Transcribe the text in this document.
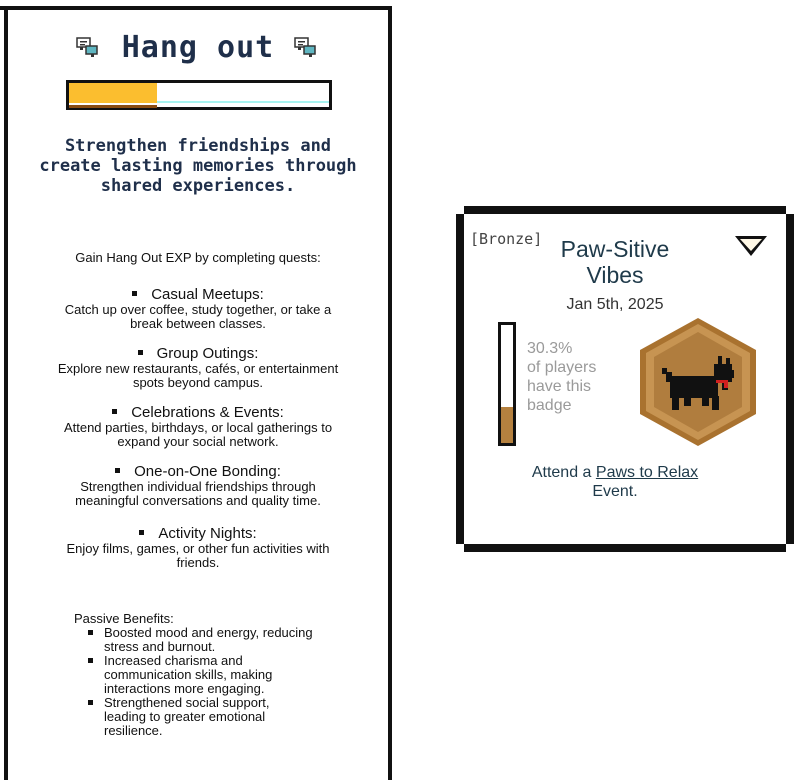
Hang out
Strengthen friendships and create lasting memories through shared experiences.
Gain Hang Out EXP by completing quests:
Casual Meetups:
Catch up over coffee, study together, or take a break between classes.
Group Outings:
Explore new restaurants, cafés, or entertainment spots beyond campus.
Celebrations & Events:
Attend parties, birthdays, or local gatherings to expand your social network.
One-on-One Bonding:
Strengthen individual friendships through meaningful conversations and quality time.
Activity Nights:
Enjoy films, games, or other fun activities with friends.
Passive Benefits:
Boosted mood and energy, reducing stress and burnout.
Increased charisma and communication skills, making interactions more engaging.
Strengthened social support, leading to greater emotional resilience.
[Bronze] Paw-Sitive Vibes
Jan 5th, 2025
30.3%
of players
have this
badge
Attend a Paws to Relax Event.
